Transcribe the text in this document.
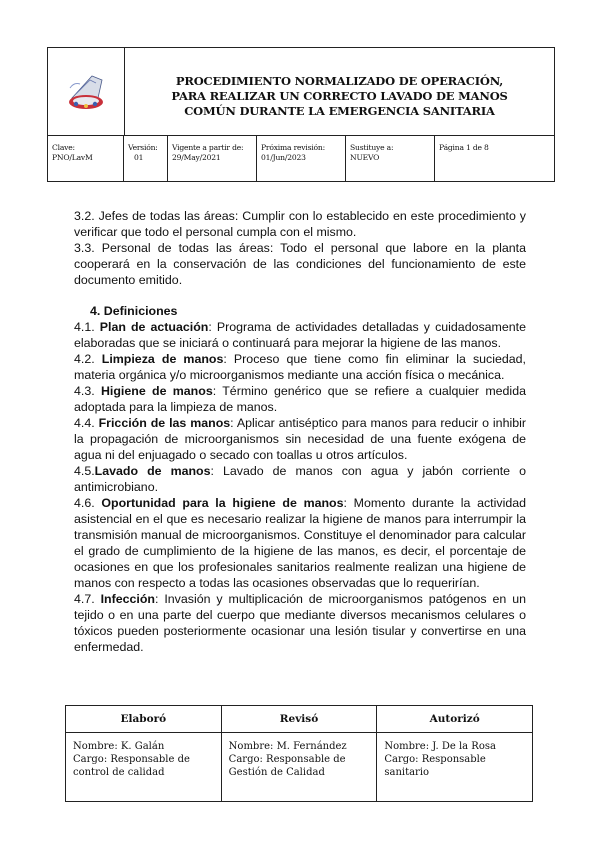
PROCEDIMIENTO NORMALIZADO DE OPERACIÓN,
PARA REALIZAR UN CORRECTO LAVADO DE MANOS
COMÚN DURANTE LA EMERGENCIA SANITARIA
Clave:
PNO/LavM
Versión:
01
Vigente a partir de:
29/May/2021
Próxima revisión:
01/Jun/2023
Sustituye a:
NUEVO
Página 1 de 8

3.2. Jefes de todas las áreas: Cumplir con lo establecido en este procedimiento y verificar que todo el personal cumpla con el mismo.

3.3. Personal de todas las áreas: Todo el personal que labore en la planta cooperará en la conservación de las condiciones del funcionamiento de este documento emitido.

4. Definiciones

4.1. Plan de actuación: Programa de actividades detalladas y cuidadosamente elaboradas que se iniciará o continuará para mejorar la higiene de las manos.

4.2. Limpieza de manos: Proceso que tiene como fin eliminar la suciedad, materia orgánica y/o microorganismos mediante una acción física o mecánica.

4.3. Higiene de manos: Término genérico que se refiere a cualquier medida adoptada para la limpieza de manos.

4.4. Fricción de las manos: Aplicar antiséptico para manos para reducir o inhibir la propagación de microorganismos sin necesidad de una fuente exógena de agua ni del enjuagado o secado con toallas u otros artículos.

4.5.Lavado de manos: Lavado de manos con agua y jabón corriente o antimicrobiano.

4.6. Oportunidad para la higiene de manos: Momento durante la actividad asistencial en el que es necesario realizar la higiene de manos para interrumpir la transmisión manual de microorganismos. Constituye el denominador para calcular el grado de cumplimiento de la higiene de las manos, es decir, el porcentaje de ocasiones en que los profesionales sanitarios realmente realizan una higiene de manos con respecto a todas las ocasiones observadas que lo requerirían.

4.7. Infección: Invasión y multiplicación de microorganismos patógenos en un tejido o en una parte del cuerpo que mediante diversos mecanismos celulares o tóxicos pueden posteriormente ocasionar una lesión tisular y convertirse en una enfermedad.

Elaboró	Revisó	Autorizó
Nombre: K. Galán
Cargo: Responsable de control de calidad
Nombre: M. Fernández
Cargo: Responsable de Gestión de Calidad
Nombre: J. De la Rosa
Cargo: Responsable sanitario
